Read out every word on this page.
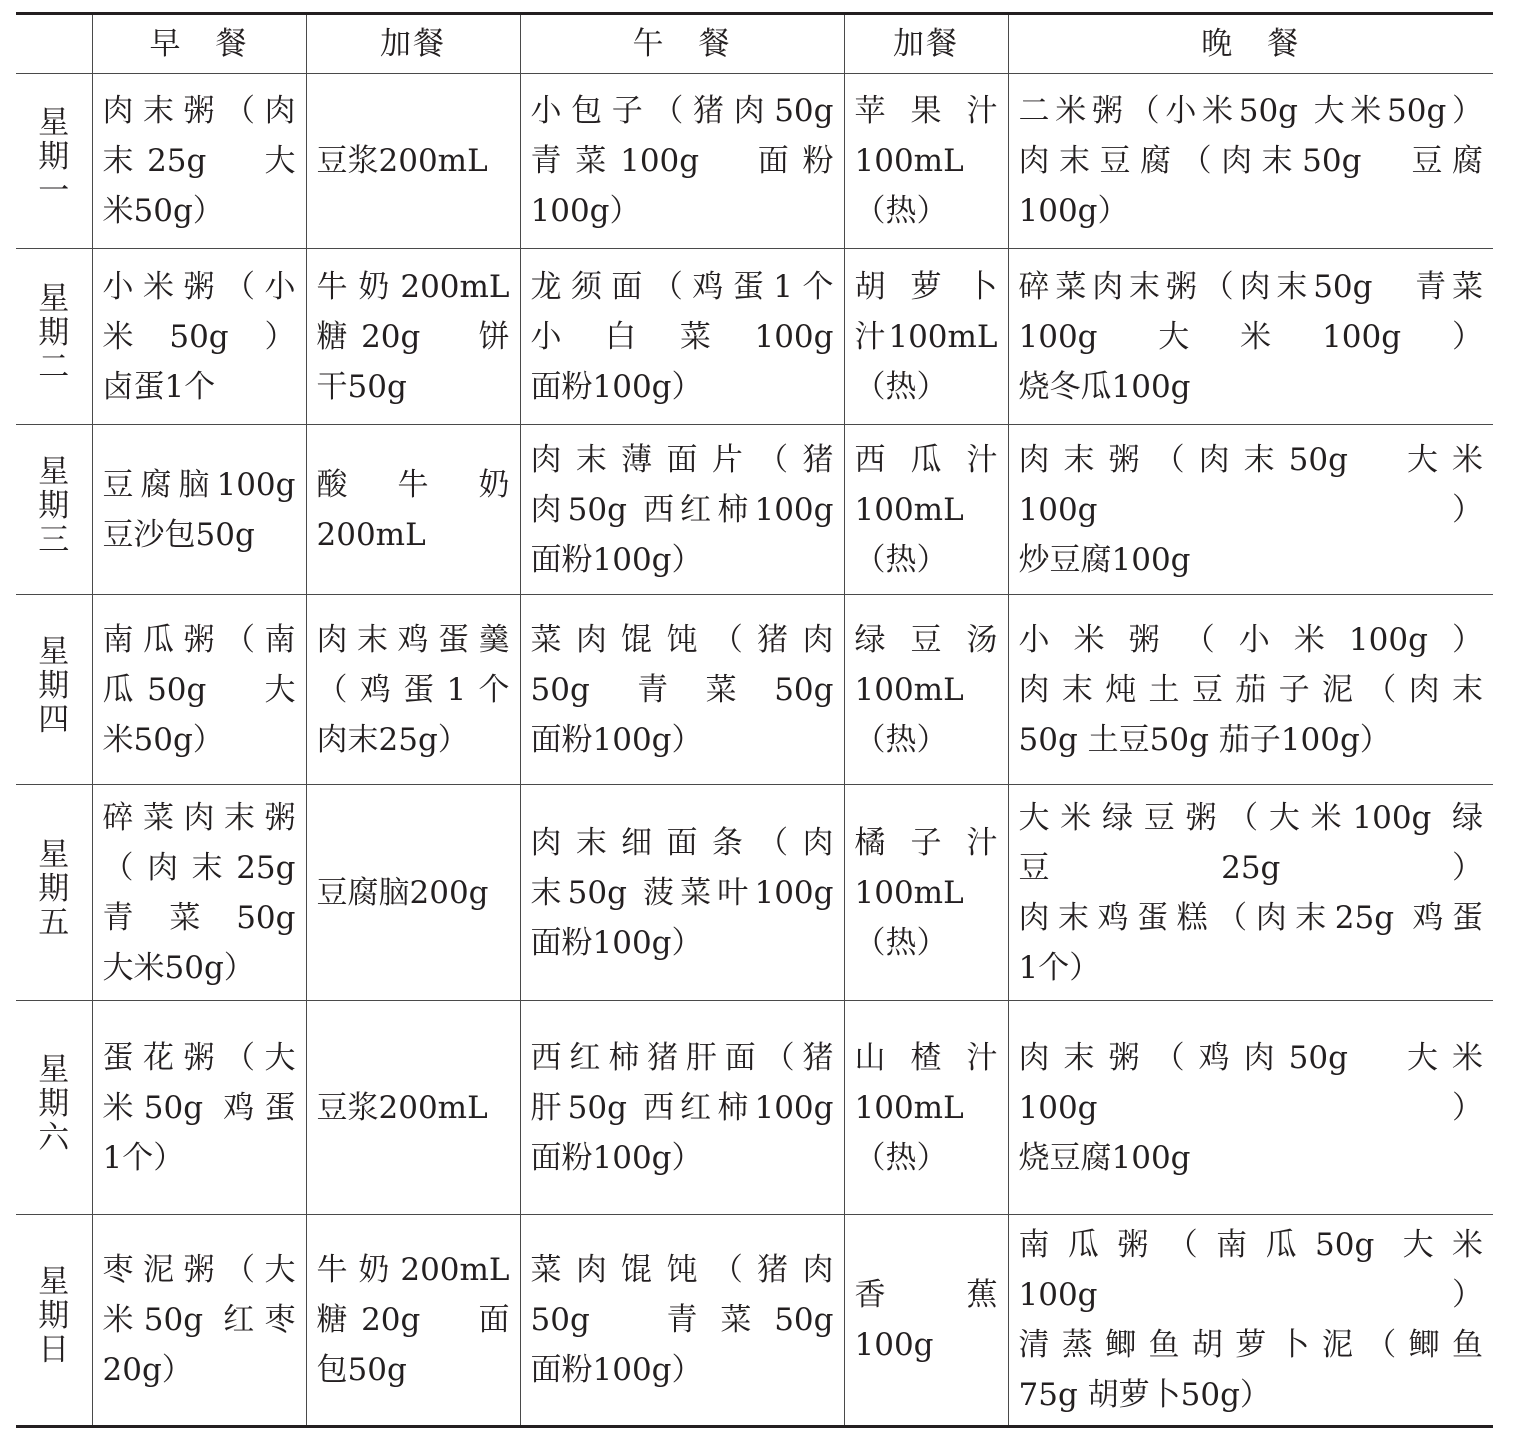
	早　餐	加餐	午　餐	加餐	晚　餐
星期一	肉末粥（肉
末25g　大
米50g）	豆浆200mL	小包子（猪肉50g
青菜100g　面粉
100g）	苹果汁
100mL
（热）	二米粥（小米50g 大米50g）
肉末豆腐（肉末50g　豆腐
100g）

星期二	小米粥（小
米50g）
卤蛋1个	牛奶200mL
糖20g　饼
干50g	龙须面（鸡蛋1个
小白菜100g
面粉100g）	胡萝卜
汁100mL
（热）	碎菜肉末粥（肉末50g　青菜
100g 大米100g）
烧冬瓜100g

星期三	豆腐脑100g
豆沙包50g	酸牛奶
200mL	肉末薄面片（猪
肉50g 西红柿100g
面粉100g）	西瓜汁
100mL
（热）	肉末粥（肉末50g　大米
100g）
炒豆腐100g

星期四	南瓜粥（南
瓜50g　大
米50g）	肉末鸡蛋羹
（鸡蛋1个
肉末25g）	菜肉馄饨（猪肉
50g 青菜50g
面粉100g）	绿豆汤
100mL
（热）	小米粥（小米100g）
肉末炖土豆茄子泥（肉末
50g 土豆50g 茄子100g）

星期五	碎菜肉末粥
（肉末25g
青菜50g
大米50g）	豆腐脑200g	肉末细面条（肉
末50g 菠菜叶100g
面粉100g）	橘子汁
100mL
（热）	大米绿豆粥（大米100g 绿
豆25g）
肉末鸡蛋糕（肉末25g 鸡蛋
1个）

星期六	蛋花粥（大
米50g 鸡蛋
1个）	豆浆200mL	西红柿猪肝面（猪
肝50g 西红柿100g
面粉100g）	山楂汁
100mL
（热）	肉末粥（鸡肉50g　大米
100g）
烧豆腐100g

星期日	枣泥粥（大
米50g 红枣
20g）	牛奶200mL
糖20g　面
包50g	菜肉馄饨（猪肉
50g　青菜50g
面粉100g）	香蕉
100g	南瓜粥（南瓜50g 大米
100g）
清蒸鲫鱼胡萝卜泥（鲫鱼
75g 胡萝卜50g）
